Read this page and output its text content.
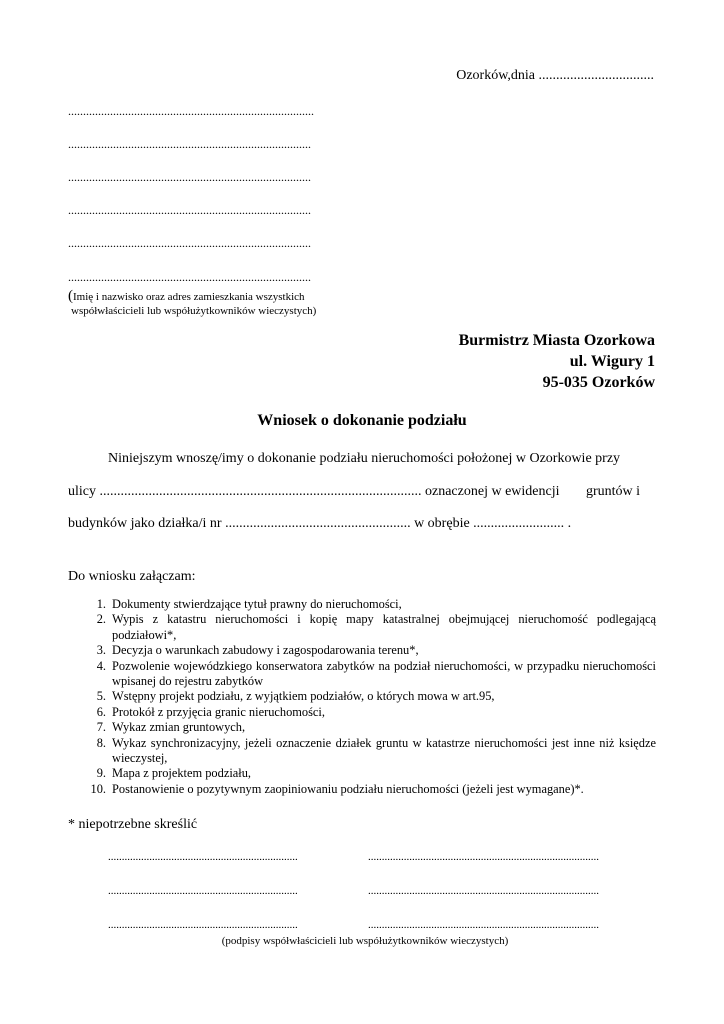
Ozorków,dnia .................................
..................................................................................
.................................................................................
.................................................................................
.................................................................................
.................................................................................
.................................................................................
(Imię i nazwisko oraz adres zamieszkania wszystkich
współwłaścicieli lub współużytkowników wieczystych)
Burmistrz Miasta Ozorkowa
ul. Wigury 1
95-035 Ozorków
Wniosek o dokonanie podziału
Niniejszym wnoszę/imy o dokonanie podziału nieruchomości położonej w Ozorkowie przy
ulicy ............................................................................................ oznaczonej w ewidencji	gruntów i
budynków jako działka/i nr ..................................................... w obrębie .......................... .
Do wniosku załączam:
1. Dokumenty stwierdzające tytuł prawny do nieruchomości,
2. Wypis z katastru nieruchomości i kopię mapy katastralnej obejmującej nieruchomość podlegającą podziałowi*,
3. Decyzja o warunkach zabudowy i zagospodarowania terenu*,
4. Pozwolenie wojewódzkiego konserwatora zabytków na podział nieruchomości, w przypadku nieruchomości wpisanej do rejestru zabytków
5. Wstępny projekt podziału, z wyjątkiem podziałów, o których mowa w art.95,
6. Protokół z przyjęcia granic nieruchomości,
7. Wykaz zmian gruntowych,
8. Wykaz synchronizacyjny, jeżeli oznaczenie działek gruntu w katastrze nieruchomości jest inne niż księdze wieczystej,
9. Mapa z projektem podziału,
10. Postanowienie o pozytywnym zaopiniowaniu podziału nieruchomości (jeżeli jest wymagane)*.
* niepotrzebne skreślić
.....................................................................	....................................................................................
.....................................................................	....................................................................................
.....................................................................	....................................................................................
(podpisy współwłaścicieli lub współużytkowników wieczystych)
